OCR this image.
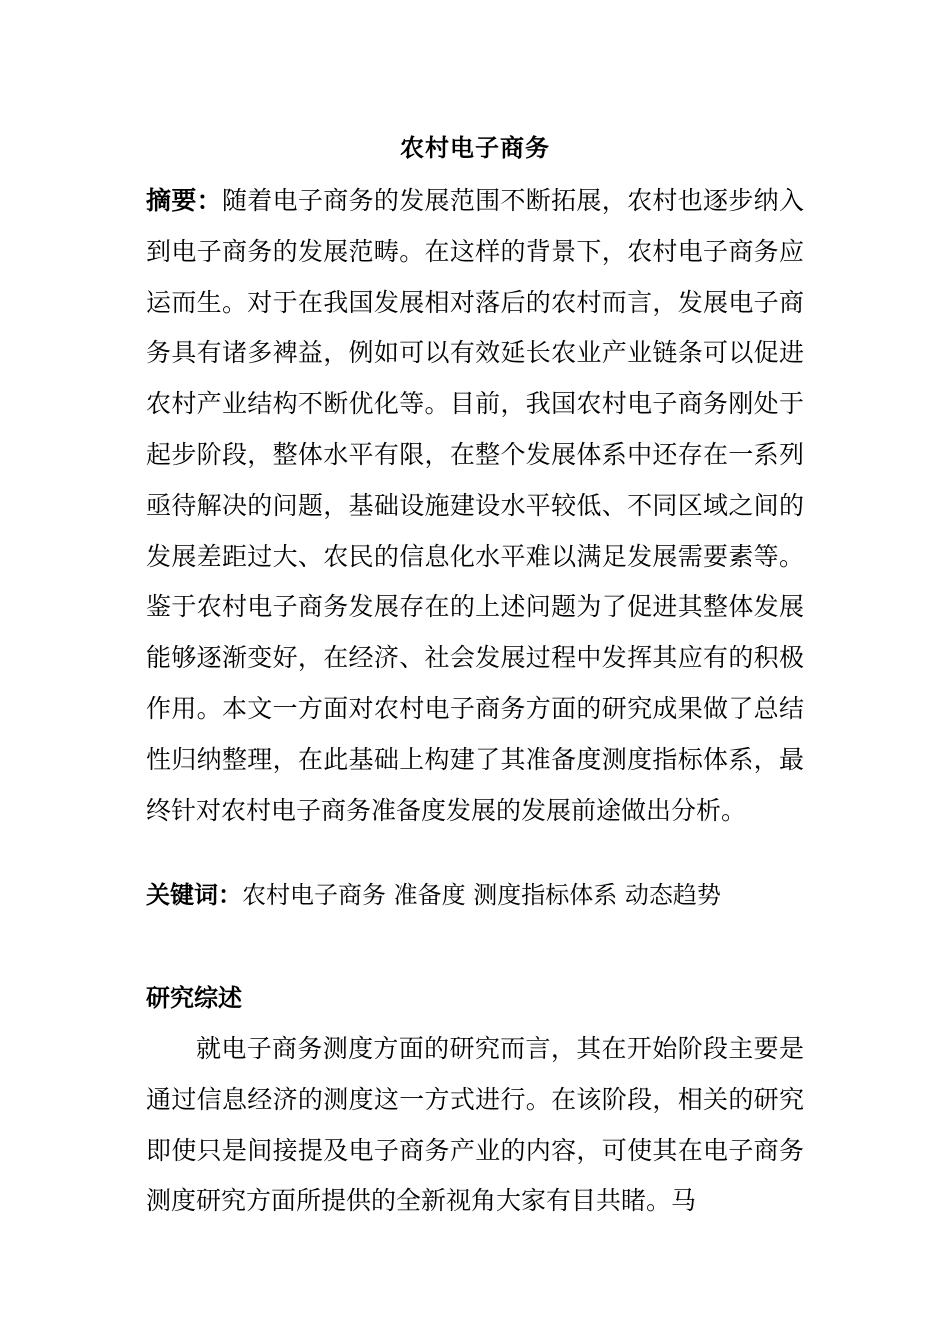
农村电子商务
摘要：随着电子商务的发展范围不断拓展，农村也逐步纳入到电子商务的发展范畴。在这样的背景下，农村电子商务应运而生。对于在我国发展相对落后的农村而言，发展电子商务具有诸多裨益，例如可以有效延长农业产业链条可以促进农村产业结构不断优化等。目前，我国农村电子商务刚处于起步阶段，整体水平有限，在整个发展体系中还存在一系列亟待解决的问题，基础设施建设水平较低、不同区域之间的发展差距过大、农民的信息化水平难以满足发展需要素等。鉴于农村电子商务发展存在的上述问题为了促进其整体发展能够逐渐变好，在经济、社会发展过程中发挥其应有的积极作用。本文一方面对农村电子商务方面的研究成果做了总结性归纳整理，在此基础上构建了其准备度测度指标体系，最终针对农村电子商务准备度发展的发展前途做出分析。
关键词：农村电子商务 准备度 测度指标体系 动态趋势
研究综述
就电子商务测度方面的研究而言，其在开始阶段主要是通过信息经济的测度这一方式进行。在该阶段，相关的研究即使只是间接提及电子商务产业的内容，可使其在电子商务测度研究方面所提供的全新视角大家有目共睹。马
